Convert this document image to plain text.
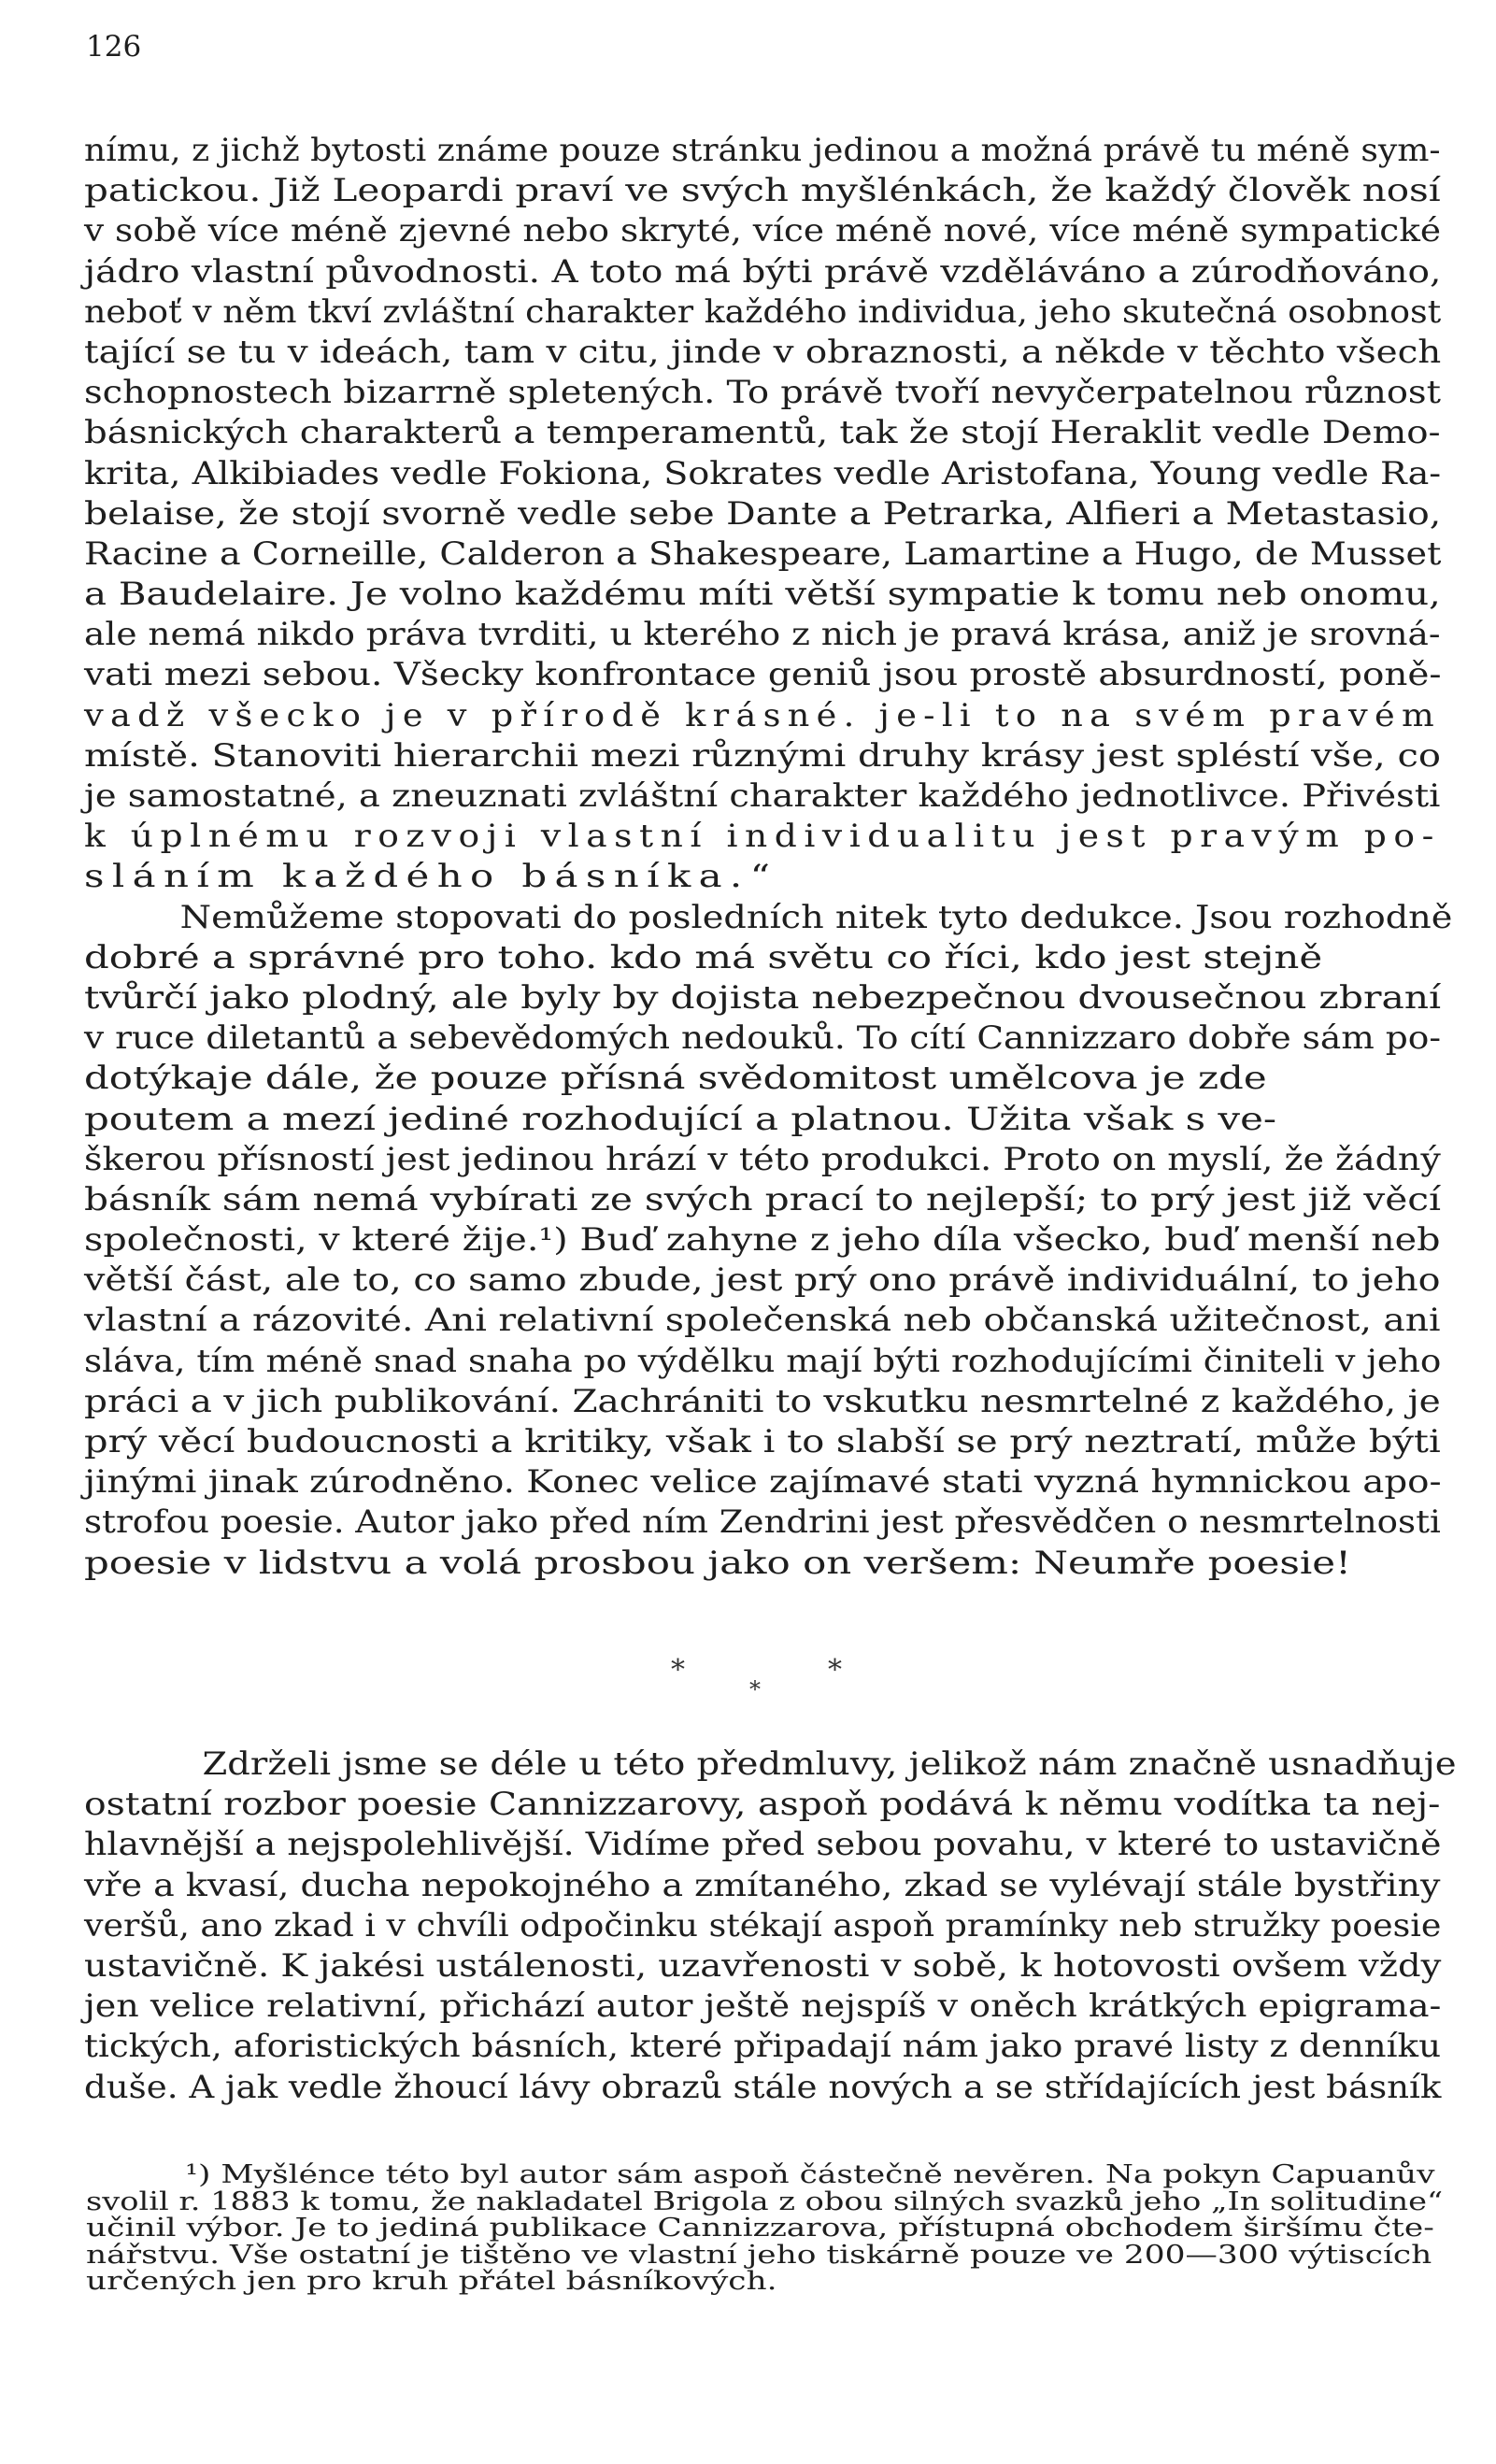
126
nímu, z jichž bytosti známe pouze stránku jedinou a možná právě tu méně sym-
patickou. Již Leopardi praví ve svých myšlénkách, že každý člověk nosí
v sobě více méně zjevné nebo skryté, více méně nové, více méně sympatické
jádro vlastní původnosti. A toto má býti právě vzděláváno a zúrodňováno,
neboť v něm tkví zvláštní charakter každého individua, jeho skutečná osobnost
tající se tu v ideách, tam v citu, jinde v obraznosti, a někde v těchto všech
schopnostech bizarrně spletených. To právě tvoří nevyčerpatelnou různost
básnických charakterů a temperamentů, tak že stojí Heraklit vedle Demo-
krita, Alkibiades vedle Fokiona, Sokrates vedle Aristofana, Young vedle Ra-
belaise, že stojí svorně vedle sebe Dante a Petrarka, Alfieri a Metastasio,
Racine a Corneille, Calderon a Shakespeare, Lamartine a Hugo, de Musset
a Baudelaire. Je volno každému míti větší sympatie k tomu neb onomu,
ale nemá nikdo práva tvrditi, u kterého z nich je pravá krása, aniž je srovná-
vati mezi sebou. Všecky konfrontace geniů jsou prostě absurdností, poně-
vadž všecko je v přírodě krásné. je-li to na svém pravém
místě. Stanoviti hierarchii mezi různými druhy krásy jest spléstí vše, co
je samostatné, a zneuznati zvláštní charakter každého jednotlivce. Přivésti
k úplnému rozvoji vlastní individualitu jest pravým po-
sláním každého básníka.“
Nemůžeme stopovati do posledních nitek tyto dedukce. Jsou rozhodně
dobré a správné pro toho. kdo má světu co říci, kdo jest stejně
tvůrčí jako plodný, ale byly by dojista nebezpečnou dvousečnou zbraní
v ruce diletantů a sebevědomých nedouků. To cítí Cannizzaro dobře sám po-
dotýkaje dále, že pouze přísná svědomitost umělcova je zde
poutem a mezí jediné rozhodující a platnou. Užita však s ve-
škerou přísností jest jedinou hrází v této produkci. Proto on myslí, že žádný
básník sám nemá vybírati ze svých prací to nejlepší; to prý jest již věcí
společnosti, v které žije.¹) Buď zahyne z jeho díla všecko, buď menší neb
větší část, ale to, co samo zbude, jest prý ono právě individuální, to jeho
vlastní a rázovité. Ani relativní společenská neb občanská užitečnost, ani
sláva, tím méně snad snaha po výdělku mají býti rozhodujícími činiteli v jeho
práci a v jich publikování. Zachrániti to vskutku nesmrtelné z každého, je
prý věcí budoucnosti a kritiky, však i to slabší se prý neztratí, může býti
jinými jinak zúrodněno. Konec velice zajímavé stati vyzná hymnickou apo-
strofou poesie. Autor jako před ním Zendrini jest přesvědčen o nesmrtelnosti
poesie v lidstvu a volá prosbou jako on veršem: Neumře poesie!
*	*
*
Zdrželi jsme se déle u této předmluvy, jelikož nám značně usnadňuje
ostatní rozbor poesie Cannizzarovy, aspoň podává k němu vodítka ta nej-
hlavnější a nejspolehlivější. Vidíme před sebou povahu, v které to ustavičně
vře a kvasí, ducha nepokojného a zmítaného, zkad se vylévají stále bystřiny
veršů, ano zkad i v chvíli odpočinku stékají aspoň pramínky neb stružky poesie
ustavičně. K jakési ustálenosti, uzavřenosti v sobě, k hotovosti ovšem vždy
jen velice relativní, přichází autor ještě nejspíš v oněch krátkých epigrama-
tických, aforistických básních, které připadají nám jako pravé listy z denníku
duše. A jak vedle žhoucí lávy obrazů stále nových a se střídajících jest básník
¹) Myšlénce této byl autor sám aspoň částečně nevěren. Na pokyn Capuanův
svolil r. 1883 k tomu, že nakladatel Brigola z obou silných svazků jeho „In solitudine“
učinil výbor. Je to jediná publikace Cannizzarova, přístupná obchodem širšímu čte-
nářstvu. Vše ostatní je tištěno ve vlastní jeho tiskárně pouze ve 200—300 výtiscích
určených jen pro kruh přátel básníkových.
